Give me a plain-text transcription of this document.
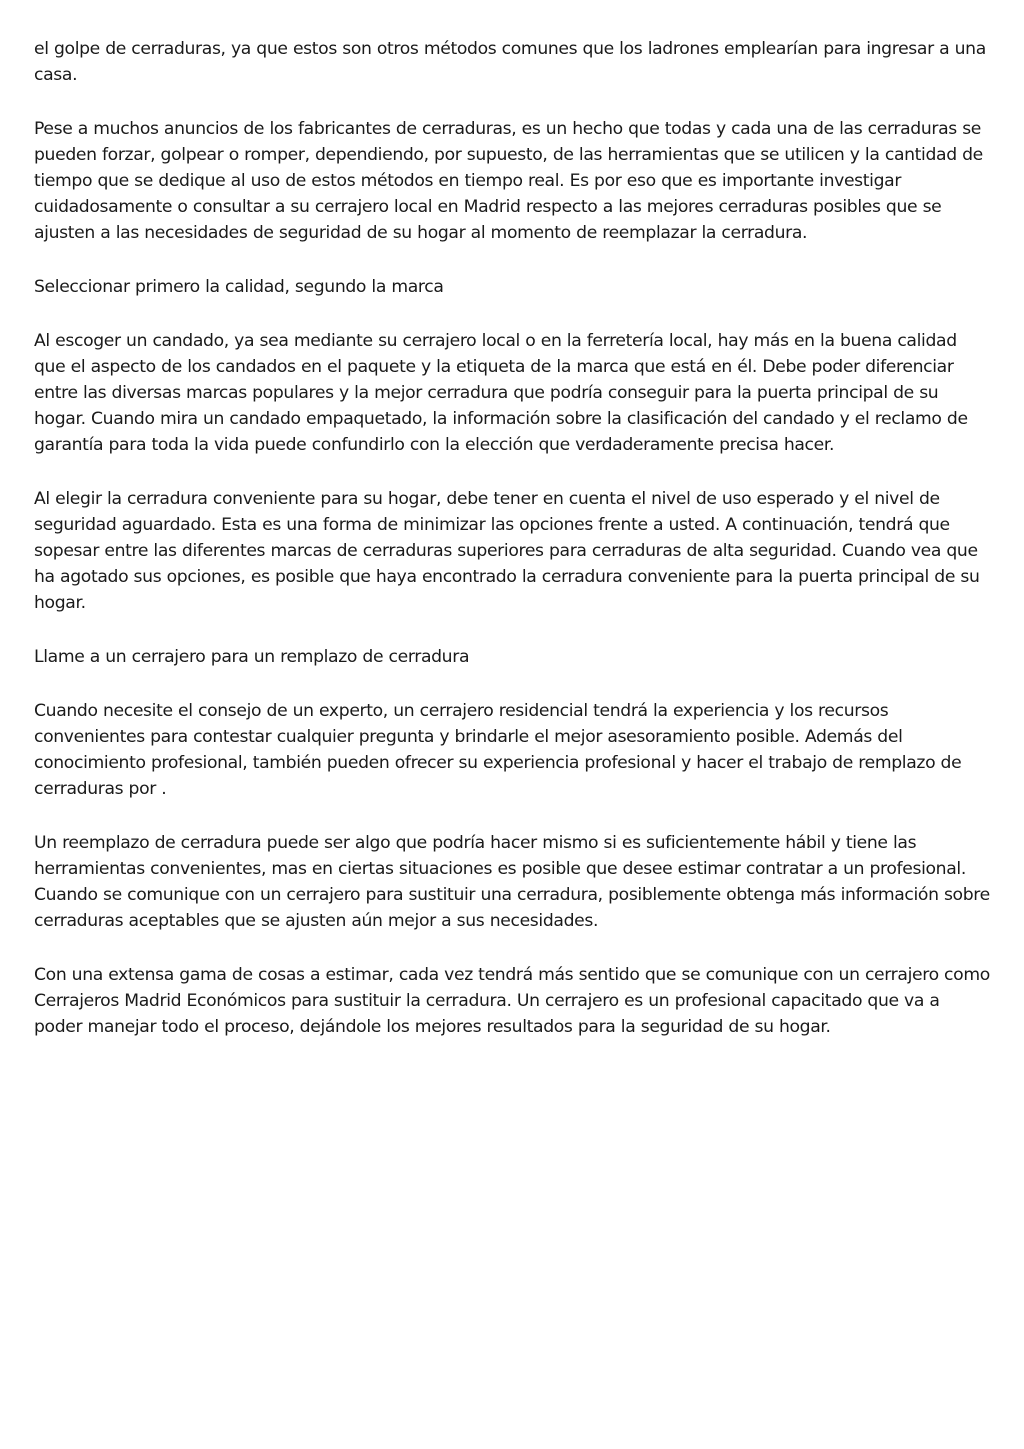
el golpe de cerraduras, ya que estos son otros métodos comunes que los ladrones emplearían para ingresar a una casa.

Pese a muchos anuncios de los fabricantes de cerraduras, es un hecho que todas y cada una de las cerraduras se pueden forzar, golpear o romper, dependiendo, por supuesto, de las herramientas que se utilicen y la cantidad de tiempo que se dedique al uso de estos métodos en tiempo real. Es por eso que es importante investigar cuidadosamente o consultar a su cerrajero local en Madrid respecto a las mejores cerraduras posibles que se ajusten a las necesidades de seguridad de su hogar al momento de reemplazar la cerradura.

Seleccionar primero la calidad, segundo la marca

Al escoger un candado, ya sea mediante su cerrajero local o en la ferretería local, hay más en la buena calidad que el aspecto de los candados en el paquete y la etiqueta de la marca que está en él. Debe poder diferenciar entre las diversas marcas populares y la mejor cerradura que podría conseguir para la puerta principal de su hogar. Cuando mira un candado empaquetado, la información sobre la clasificación del candado y el reclamo de garantía para toda la vida puede confundirlo con la elección que verdaderamente precisa hacer.

Al elegir la cerradura conveniente para su hogar, debe tener en cuenta el nivel de uso esperado y el nivel de seguridad aguardado. Esta es una forma de minimizar las opciones frente a usted. A continuación, tendrá que sopesar entre las diferentes marcas de cerraduras superiores para cerraduras de alta seguridad. Cuando vea que ha agotado sus opciones, es posible que haya encontrado la cerradura conveniente para la puerta principal de su hogar.

Llame a un cerrajero para un remplazo de cerradura

Cuando necesite el consejo de un experto, un cerrajero residencial tendrá la experiencia y los recursos convenientes para contestar cualquier pregunta y brindarle el mejor asesoramiento posible. Además del conocimiento profesional, también pueden ofrecer su experiencia profesional y hacer el trabajo de remplazo de cerraduras por .

Un reemplazo de cerradura puede ser algo que podría hacer mismo si es suficientemente hábil y tiene las herramientas convenientes, mas en ciertas situaciones es posible que desee estimar contratar a un profesional. Cuando se comunique con un cerrajero para sustituir una cerradura, posiblemente obtenga más información sobre cerraduras aceptables que se ajusten aún mejor a sus necesidades.

Con una extensa gama de cosas a estimar, cada vez tendrá más sentido que se comunique con un cerrajero como Cerrajeros Madrid Económicos para sustituir la cerradura. Un cerrajero es un profesional capacitado que va a poder manejar todo el proceso, dejándole los mejores resultados para la seguridad de su hogar.
